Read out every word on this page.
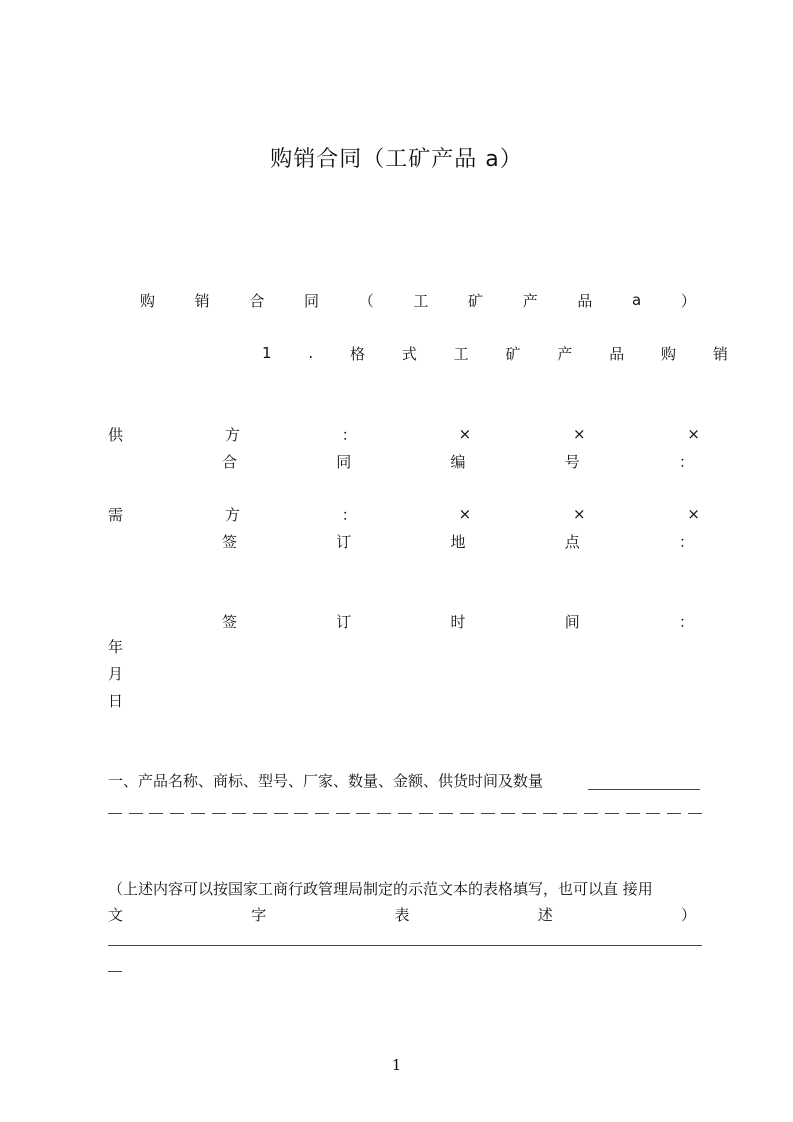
购销合同（工矿产品 a）
购	销	合	同	（	工	矿	产	品	a	）
1 . 格 式 工 矿 产 品 购 销
供	方	：	×	×	×
合	同	编	号	：
需	方	：	×	×	×
签	订	地	点	：
签	订	时	间	：
年
月
日
一、产品名称、商标、型号、厂家、数量、金额、供货时间及数量
（上述内容可以按国家工商行政管理局制定的示范文本的表格填写，也可以直 接用
文	字	表	述	）
1
